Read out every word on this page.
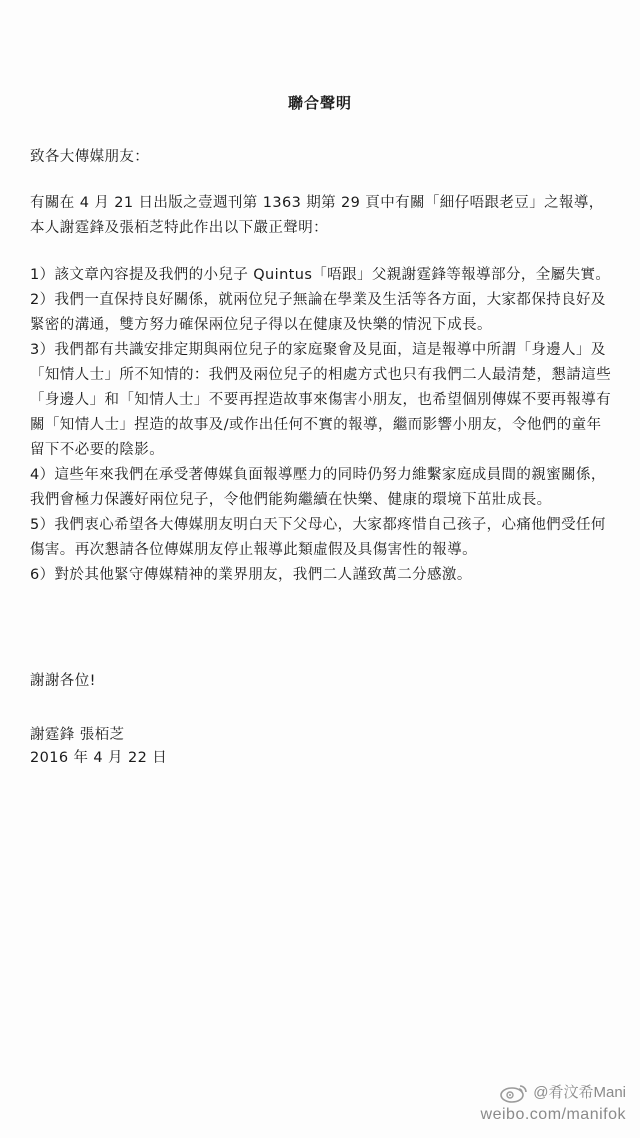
聯合聲明
致各大傳媒朋友：
有關在 4 月 21 日出版之壹週刊第 1363 期第 29 頁中有關「細仔唔跟老豆」之報導，本人謝霆鋒及張栢芝特此作出以下嚴正聲明：

1）該文章內容提及我們的小兒子 Quintus「唔跟」父親謝霆鋒等報導部分，全屬失實。

2）我們一直保持良好關係，就兩位兒子無論在學業及生活等各方面，大家都保持良好及緊密的溝通，雙方努力確保兩位兒子得以在健康及快樂的情況下成長。

3）我們都有共識安排定期與兩位兒子的家庭聚會及見面，這是報導中所謂「身邊人」及「知情人士」所不知情的：我們及兩位兒子的相處方式也只有我們二人最清楚，懇請這些「身邊人」和「知情人士」不要再捏造故事來傷害小朋友，也希望個別傳媒不要再報導有關「知情人士」捏造的故事及/或作出任何不實的報導，繼而影響小朋友，令他們的童年留下不必要的陰影。

4）這些年來我們在承受著傳媒負面報導壓力的同時仍努力維繫家庭成員間的親蜜關係，我們會極力保護好兩位兒子，令他們能夠繼續在快樂、健康的環境下茁壯成長。

5）我們衷心希望各大傳媒朋友明白天下父母心，大家都疼惜自己孩子，心痛他們受任何傷害。再次懇請各位傳媒朋友停止報導此類虛假及具傷害性的報導。

6）對於其他緊守傳媒精神的業界朋友，我們二人謹致萬二分感激。

謝謝各位!
謝霆鋒 張栢芝
2016 年 4 月 22 日
@肴汶希Mani
weibo.com/manifok
